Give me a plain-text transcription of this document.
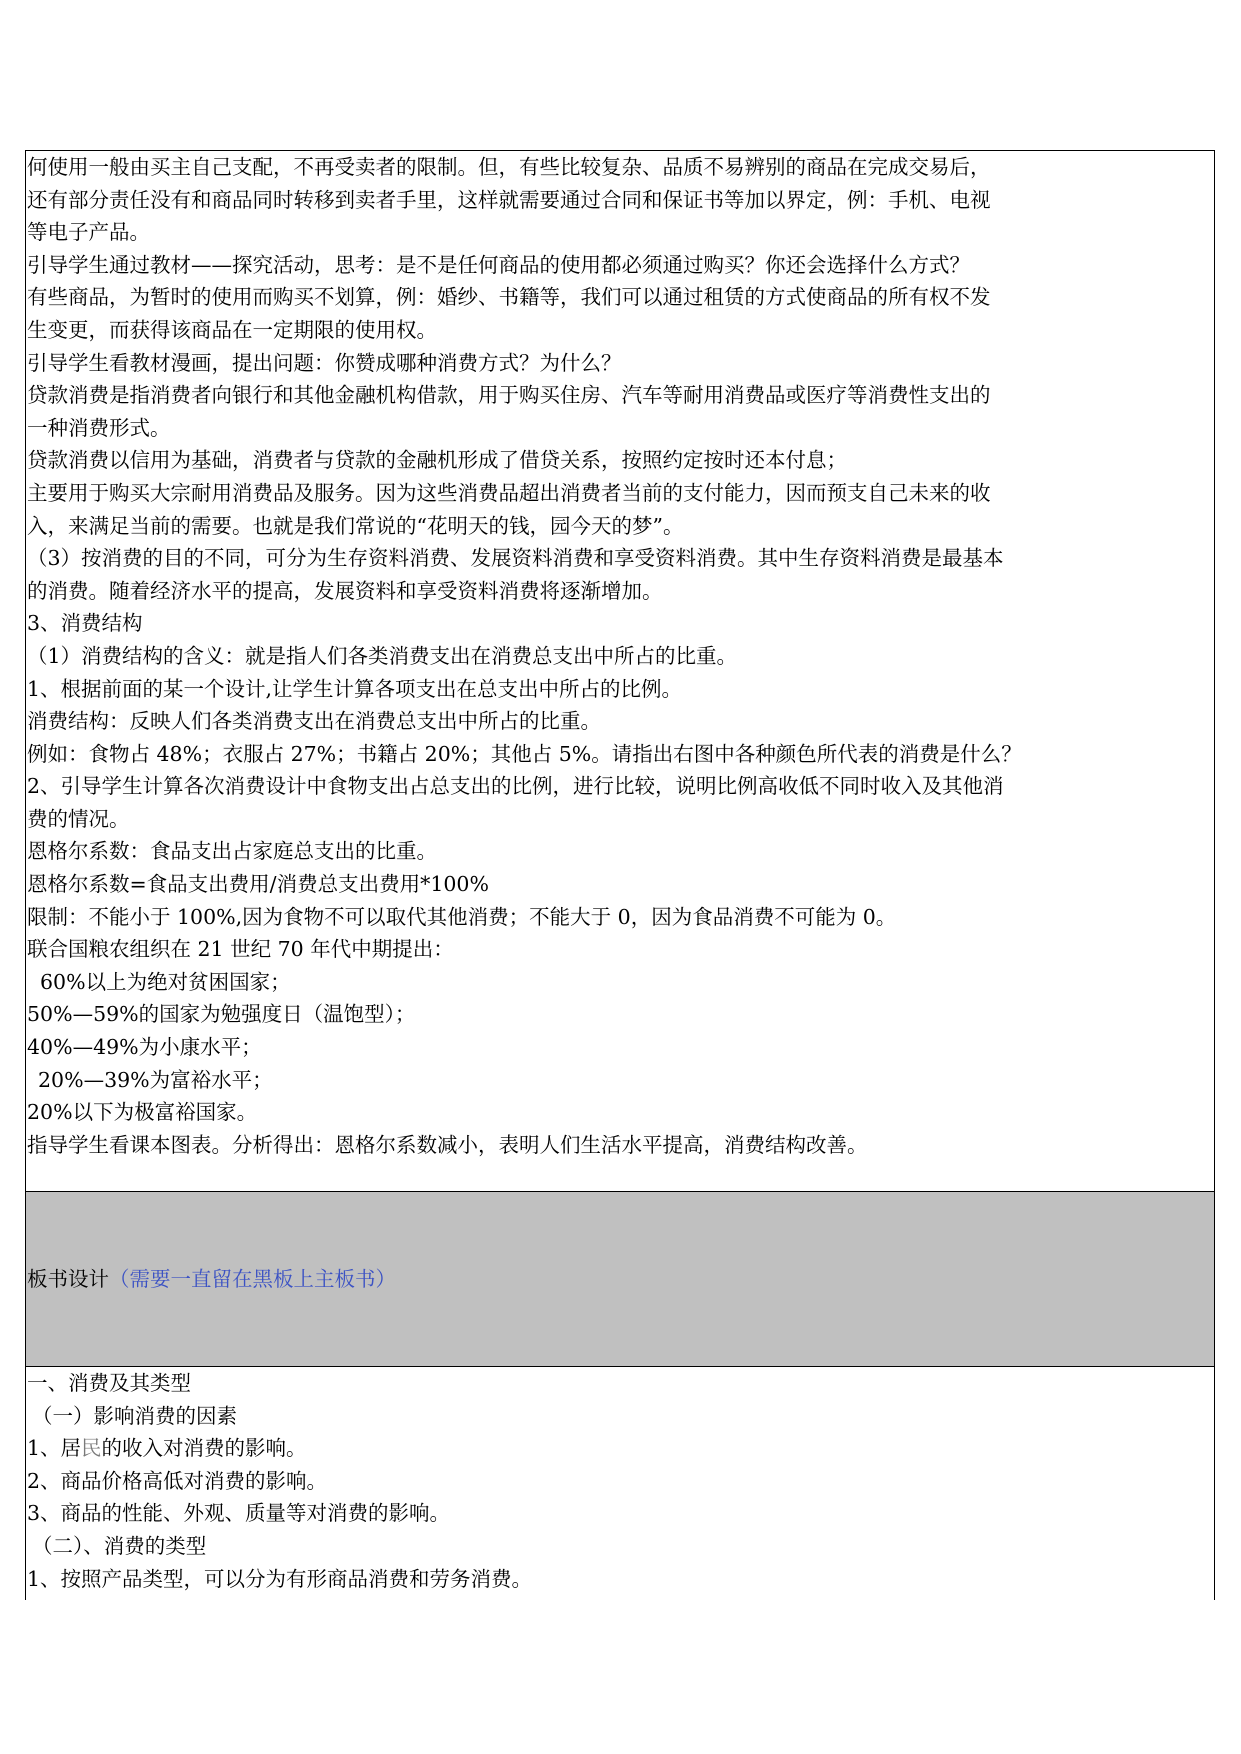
何使用一般由买主自己支配，不再受卖者的限制。但，有些比较复杂、品质不易辨别的商品在完成交易后，
还有部分责任没有和商品同时转移到卖者手里，这样就需要通过合同和保证书等加以界定，例：手机、电视
等电子产品。
引导学生通过教材——探究活动，思考：是不是任何商品的使用都必须通过购买？你还会选择什么方式？
有些商品，为暂时的使用而购买不划算，例：婚纱、书籍等，我们可以通过租赁的方式使商品的所有权不发
生变更，而获得该商品在一定期限的使用权。
引导学生看教材漫画，提出问题：你赞成哪种消费方式？为什么？
贷款消费是指消费者向银行和其他金融机构借款，用于购买住房、汽车等耐用消费品或医疗等消费性支出的
一种消费形式。
贷款消费以信用为基础，消费者与贷款的金融机形成了借贷关系，按照约定按时还本付息；
主要用于购买大宗耐用消费品及服务。因为这些消费品超出消费者当前的支付能力，因而预支自己未来的收
入，来满足当前的需要。也就是我们常说的“花明天的钱，园今天的梦”。
（3）按消费的目的不同，可分为生存资料消费、发展资料消费和享受资料消费。其中生存资料消费是最基本
的消费。随着经济水平的提高，发展资料和享受资料消费将逐渐增加。
3、消费结构
（1）消费结构的含义：就是指人们各类消费支出在消费总支出中所占的比重。
1、根据前面的某一个设计,让学生计算各项支出在总支出中所占的比例。
消费结构：反映人们各类消费支出在消费总支出中所占的比重。
例如：食物占 48%；衣服占 27%；书籍占 20%；其他占 5%。请指出右图中各种颜色所代表的消费是什么？
2、引导学生计算各次消费设计中食物支出占总支出的比例，进行比较，说明比例高收低不同时收入及其他消
费的情况。
恩格尔系数：食品支出占家庭总支出的比重。
恩格尔系数=食品支出费用/消费总支出费用*100%
限制：不能小于 100%,因为食物不可以取代其他消费；不能大于 0，因为食品消费不可能为 0。
联合国粮农组织在 21 世纪 70 年代中期提出：
60%以上为绝对贫困国家；
50%—59%的国家为勉强度日（温饱型）；
40%—49%为小康水平；
20%—39%为富裕水平；
20%以下为极富裕国家。
指导学生看课本图表。分析得出：恩格尔系数减小，表明人们生活水平提高，消费结构改善。

板书设计（需要一直留在黑板上主板书）

一、消费及其类型
（一）影响消费的因素
1、居民的收入对消费的影响。
2、商品价格高低对消费的影响。
3、商品的性能、外观、质量等对消费的影响。
（二）、消费的类型
1、按照产品类型，可以分为有形商品消费和劳务消费。
